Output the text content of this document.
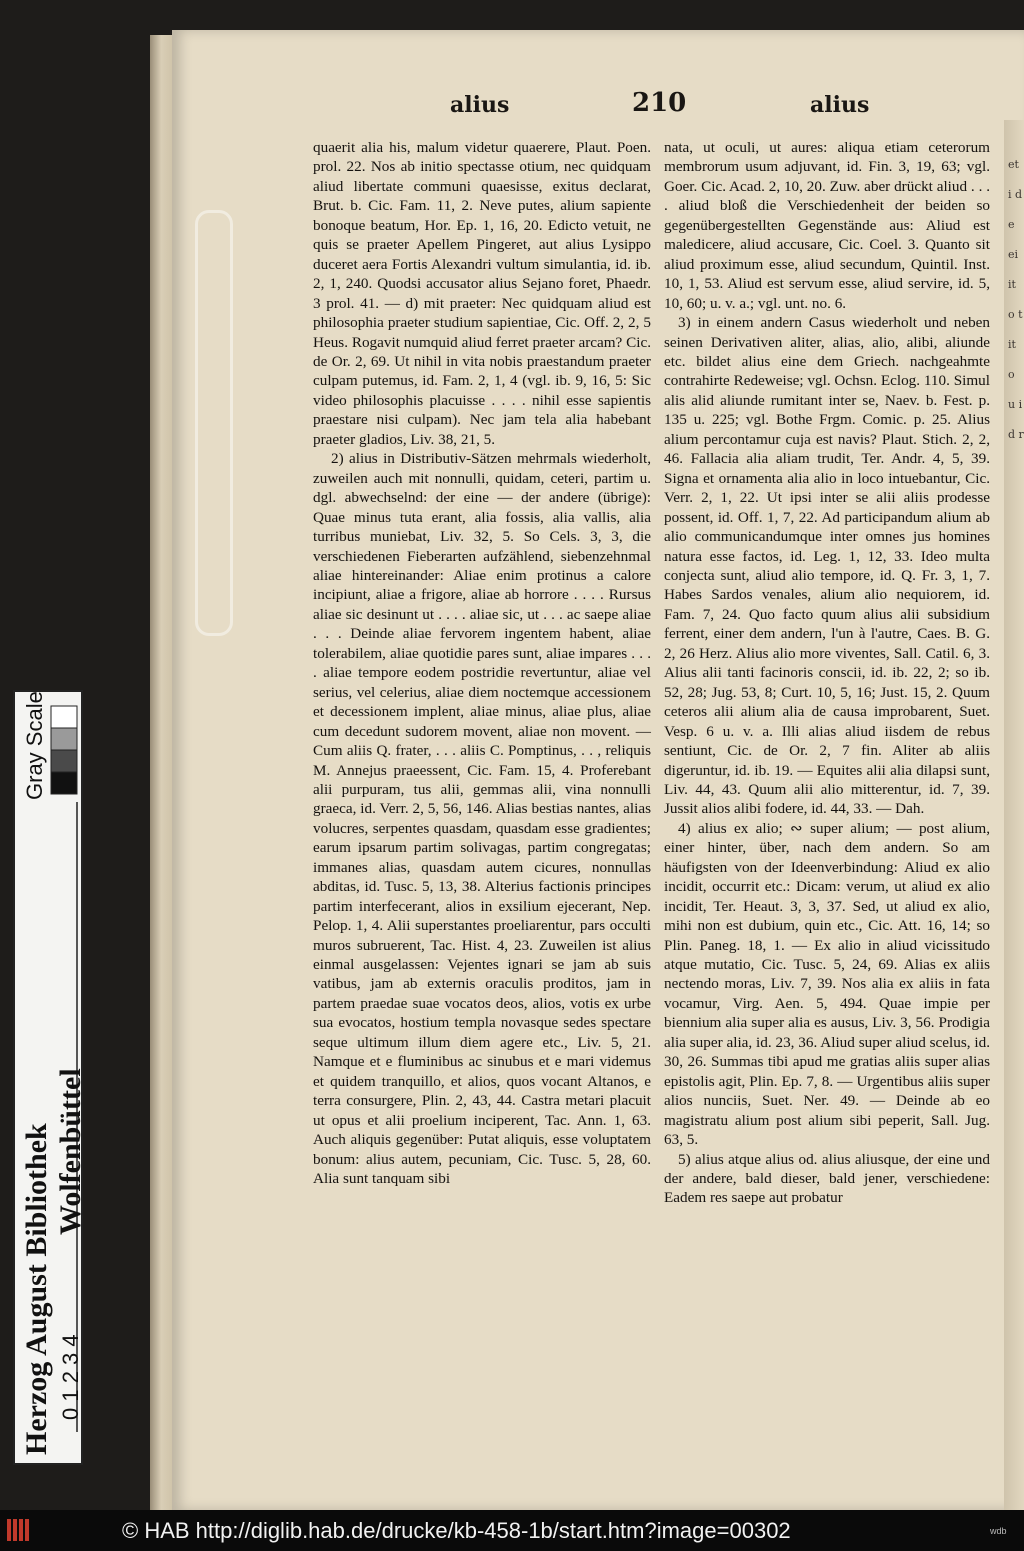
et i de ei it o t it o u i d r
alius	210	alius

quaerit alia his, malum videtur quaerere, Plaut. Poen. prol. 22. Nos ab initio spectasse otium, nec quidquam aliud libertate communi quaesisse, exitus declarat, Brut. b. Cic. Fam. 11, 2. Neve putes, alium sapiente bonoque beatum, Hor. Ep. 1, 16, 20. Edicto vetuit, ne quis se praeter Apellem Pingeret, aut alius Lysippo duceret aera Fortis Alexandri vultum simulantia, id. ib. 2, 1, 240. Quodsi accusator alius Sejano foret, Phaedr. 3 prol. 41. — d) mit praeter: Nec quidquam aliud est philosophia praeter studium sapientiae, Cic. Off. 2, 2, 5 Heus. Rogavit numquid aliud ferret praeter arcam? Cic. de Or. 2, 69. Ut nihil in vita nobis praestandum praeter culpam putemus, id. Fam. 2, 1, 4 (vgl. ib. 9, 16, 5: Sic video philosophis placuisse . . . . nihil esse sapientis praestare nisi culpam). Nec jam tela alia habebant praeter gladios, Liv. 38, 21, 5.

2) alius in Distributiv-Sätzen mehrmals wiederholt, zuweilen auch mit nonnulli, quidam, ceteri, partim u. dgl. abwechselnd: der eine — der andere (übrige): Quae minus tuta erant, alia fossis, alia vallis, alia turribus muniebat, Liv. 32, 5. So Cels. 3, 3, die verschiedenen Fieberarten aufzählend, siebenzehnmal aliae hintereinander: Aliae enim protinus a calore incipiunt, aliae a frigore, aliae ab horrore . . . . Rursus aliae sic desinunt ut . . . . aliae sic, ut . . . ac saepe aliae . . . Deinde aliae fervorem ingentem habent, aliae tolerabilem, aliae quotidie pares sunt, aliae impares . . . . aliae tempore eodem postridie revertuntur, aliae vel serius, vel celerius, aliae diem noctemque accessionem et decessionem implent, aliae minus, aliae plus, aliae cum decedunt sudorem movent, aliae non movent. — Cum aliis Q. frater, . . . aliis C. Pomptinus, . . , reliquis M. Annejus praeessent, Cic. Fam. 15, 4. Proferebant alii purpuram, tus alii, gemmas alii, vina nonnulli graeca, id. Verr. 2, 5, 56, 146. Alias bestias nantes, alias volucres, serpentes quasdam, quasdam esse gradientes; earum ipsarum partim solivagas, partim congregatas; immanes alias, quasdam autem cicures, nonnullas abditas, id. Tusc. 5, 13, 38. Alterius factionis principes partim interfecerant, alios in exsilium ejecerant, Nep. Pelop. 1, 4. Alii superstantes proeliarentur, pars occulti muros subruerent, Tac. Hist. 4, 23. Zuweilen ist alius einmal ausgelassen: Vejentes ignari se jam ab suis vatibus, jam ab externis oraculis proditos, jam in partem praedae suae vocatos deos, alios, votis ex urbe sua evocatos, hostium templa novasque sedes spectare seque ultimum illum diem agere etc., Liv. 5, 21. Namque et e fluminibus ac sinubus et e mari videmus et quidem tranquillo, et alios, quos vocant Altanos, e terra consurgere, Plin. 2, 43, 44. Castra metari placuit ut opus et alii proelium inciperent, Tac. Ann. 1, 63. Auch aliquis gegenüber: Putat aliquis, esse voluptatem bonum: alius autem, pecuniam, Cic. Tusc. 5, 28, 60. Alia sunt tanquam sibi

nata, ut oculi, ut aures: aliqua etiam ceterorum membrorum usum adjuvant, id. Fin. 3, 19, 63; vgl. Goer. Cic. Acad. 2, 10, 20. Zuw. aber drückt aliud . . . . aliud bloß die Verschiedenheit der beiden so gegenübergestellten Gegenstände aus: Aliud est maledicere, aliud accusare, Cic. Coel. 3. Quanto sit aliud proximum esse, aliud secundum, Quintil. Inst. 10, 1, 53. Aliud est servum esse, aliud servire, id. 5, 10, 60; u. v. a.; vgl. unt. no. 6.

3) in einem andern Casus wiederholt und neben seinen Derivativen aliter, alias, alio, alibi, aliunde etc. bildet alius eine dem Griech. nachgeahmte contrahirte Redeweise; vgl. Ochsn. Eclog. 110. Simul alis alid aliunde rumitant inter se, Naev. b. Fest. p. 135 u. 225; vgl. Bothe Frgm. Comic. p. 25. Alius alium percontamur cuja est navis? Plaut. Stich. 2, 2, 46. Fallacia alia aliam trudit, Ter. Andr. 4, 5, 39. Signa et ornamenta alia alio in loco intuebantur, Cic. Verr. 2, 1, 22. Ut ipsi inter se alii aliis prodesse possent, id. Off. 1, 7, 22. Ad participandum alium ab alio communicandumque inter omnes jus homines natura esse factos, id. Leg. 1, 12, 33. Ideo multa conjecta sunt, aliud alio tempore, id. Q. Fr. 3, 1, 7. Habes Sardos venales, alium alio nequiorem, id. Fam. 7, 24. Quo facto quum alius alii subsidium ferrent, einer dem andern, l'un à l'autre, Caes. B. G. 2, 26 Herz. Alius alio more viventes, Sall. Catil. 6, 3. Alius alii tanti facinoris conscii, id. ib. 22, 2; so ib. 52, 28; Jug. 53, 8; Curt. 10, 5, 16; Just. 15, 2. Quum ceteros alii alium alia de causa improbarent, Suet. Vesp. 6 u. v. a. Illi alias aliud iisdem de rebus sentiunt, Cic. de Or. 2, 7 fin. Aliter ab aliis digeruntur, id. ib. 19. — Equites alii alia dilapsi sunt, Liv. 44, 43. Quum alii alio mitterentur, id. 7, 39. Jussit alios alibi fodere, id. 44, 33. — Dah.

4) alius ex alio; ∾ super alium; — post alium, einer hinter, über, nach dem andern. So am häufigsten von der Ideenverbindung: Aliud ex alio incidit, occurrit etc.: Dicam: verum, ut aliud ex alio incidit, Ter. Heaut. 3, 3, 37. Sed, ut aliud ex alio, mihi non est dubium, quin etc., Cic. Att. 16, 14; so Plin. Paneg. 18, 1. — Ex alio in aliud vicissitudo atque mutatio, Cic. Tusc. 5, 24, 69. Alias ex aliis nectendo moras, Liv. 7, 39. Nos alia ex aliis in fata vocamur, Virg. Aen. 5, 494. Quae impie per biennium alia super alia es ausus, Liv. 3, 56. Prodigia alia super alia, id. 23, 36. Aliud super aliud scelus, id. 30, 26. Summas tibi apud me gratias aliis super alias epistolis agit, Plin. Ep. 7, 8. — Urgentibus aliis super alios nunciis, Suet. Ner. 49. — Deinde ab eo magistratu alium post alium sibi peperit, Sall. Jug. 63, 5.

5) alius atque alius od. alius aliusque, der eine und der andere, bald dieser, bald jener, verschiedene: Eadem res saepe aut probatur

Gray Scale
0 1 2 3 4
Herzog August Bibliothek Wolfenbüttel
© HAB http://diglib.hab.de/drucke/kb-458-1b/start.htm?image=00302	wdb
